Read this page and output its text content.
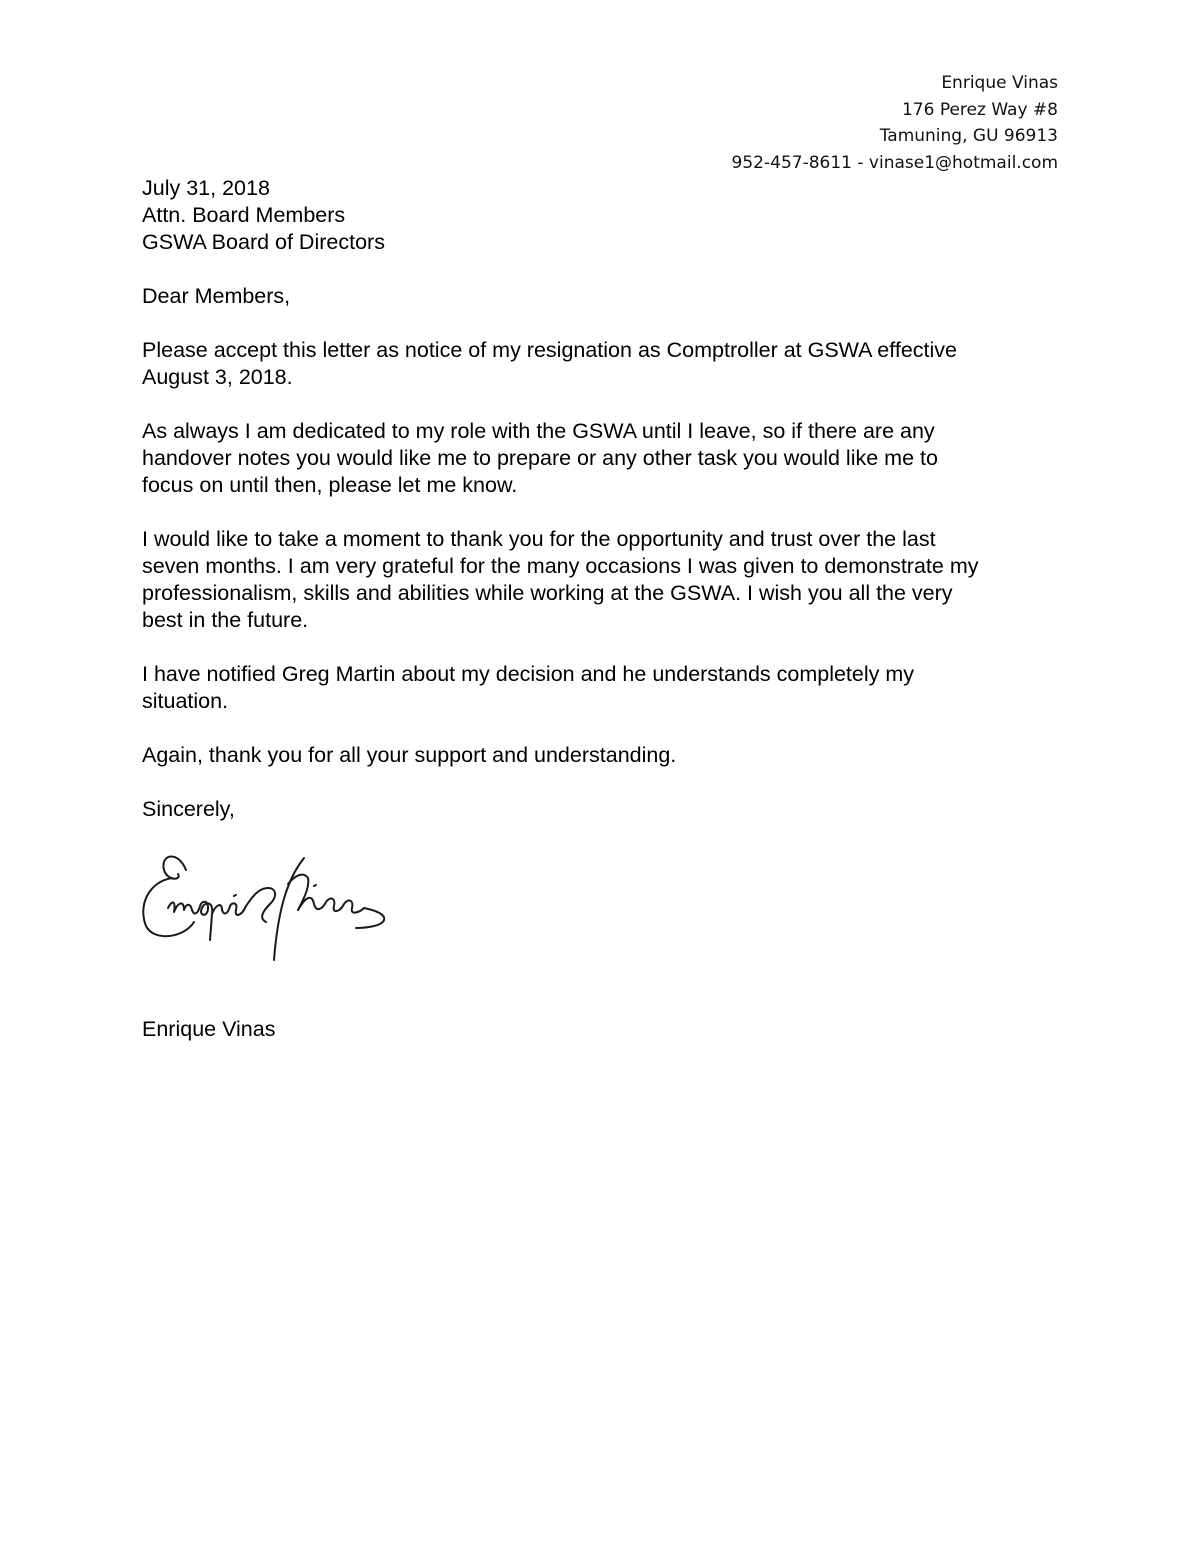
Enrique Vinas
176 Perez Way #8
Tamuning, GU 96913
952-457-8611 - vinase1@hotmail.com
July 31, 2018
Attn. Board Members
GSWA Board of Directors

Dear Members,

Please accept this letter as notice of my resignation as Comptroller at GSWA effective
August 3, 2018.

As always I am dedicated to my role with the GSWA until I leave, so if there are any
handover notes you would like me to prepare or any other task you would like me to
focus on until then, please let me know.

I would like to take a moment to thank you for the opportunity and trust over the last
seven months. I am very grateful for the many occasions I was given to demonstrate my
professionalism, skills and abilities while working at the GSWA. I wish you all the very
best in the future.

I have notified Greg Martin about my decision and he understands completely my
situation.

Again, thank you for all your support and understanding.

Sincerely,

Enrique Vinas
